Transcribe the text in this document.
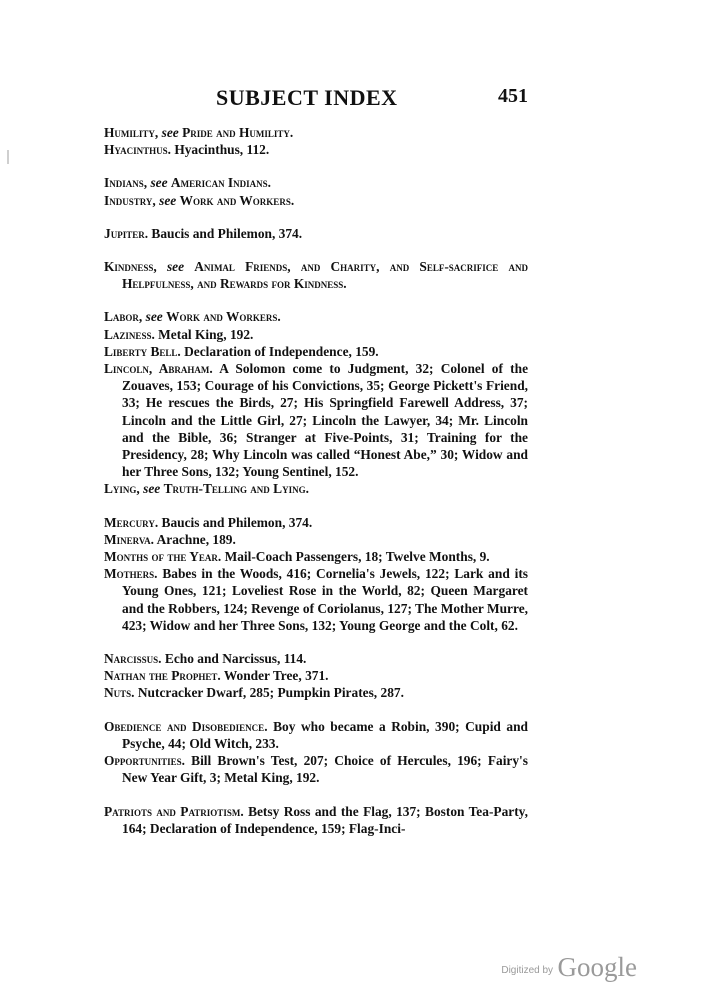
SUBJECT INDEX	451
Humility, see Pride and Humility.
Hyacinthus. Hyacinthus, 112.
Indians, see American Indians.
Industry, see Work and Workers.
Jupiter. Baucis and Philemon, 374.
Kindness, see Animal Friends, and Charity, and Self-sacrifice and Helpfulness, and Rewards for Kindness.
Labor, see Work and Workers.
Laziness. Metal King, 192.
Liberty Bell. Declaration of Independence, 159.
Lincoln, Abraham. A Solomon come to Judgment, 32; Colonel of the Zouaves, 153; Courage of his Convictions, 35; George Pickett's Friend, 33; He rescues the Birds, 27; His Springfield Farewell Address, 37; Lincoln and the Little Girl, 27; Lincoln the Lawyer, 34; Mr. Lincoln and the Bible, 36; Stranger at Five-Points, 31; Training for the Presidency, 28; Why Lincoln was called “Honest Abe,” 30; Widow and her Three Sons, 132; Young Sentinel, 152.
Lying, see Truth-Telling and Lying.
Mercury. Baucis and Philemon, 374.
Minerva. Arachne, 189.
Months of the Year. Mail-Coach Passengers, 18; Twelve Months, 9.
Mothers. Babes in the Woods, 416; Cornelia's Jewels, 122; Lark and its Young Ones, 121; Loveliest Rose in the World, 82; Queen Margaret and the Robbers, 124; Revenge of Coriolanus, 127; The Mother Murre, 423; Widow and her Three Sons, 132; Young George and the Colt, 62.
Narcissus. Echo and Narcissus, 114.
Nathan the Prophet. Wonder Tree, 371.
Nuts. Nutcracker Dwarf, 285; Pumpkin Pirates, 287.
Obedience and Disobedience. Boy who became a Robin, 390; Cupid and Psyche, 44; Old Witch, 233.
Opportunities. Bill Brown's Test, 207; Choice of Hercules, 196; Fairy's New Year Gift, 3; Metal King, 192.
Patriots and Patriotism. Betsy Ross and the Flag, 137; Boston Tea-Party, 164; Declaration of Independence, 159; Flag-Inci-
Digitized by Google
